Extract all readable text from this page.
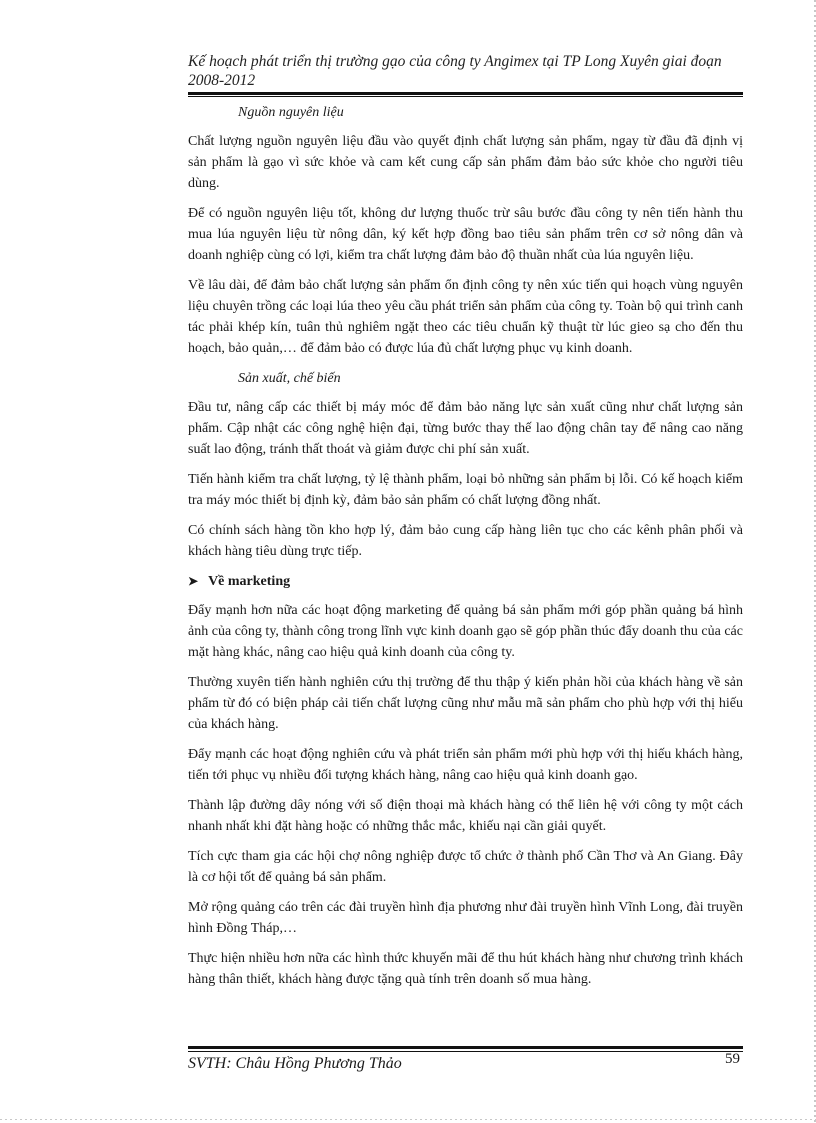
Kế hoạch phát triển thị trường gạo của công ty Angimex tại TP Long Xuyên giai đoạn 2008-2012
Nguồn nguyên liệu
Chất lượng nguồn nguyên liệu đầu vào quyết định chất lượng sản phẩm, ngay từ đầu đã định vị sản phẩm là gạo vì sức khỏe và cam kết cung cấp sản phẩm đảm bảo sức khỏe cho người tiêu dùng.
Để có nguồn nguyên liệu tốt, không dư lượng thuốc trừ sâu bước đầu công ty nên tiến hành thu mua lúa nguyên liệu từ nông dân, ký kết hợp đồng bao tiêu sản phẩm trên cơ sở nông dân và doanh nghiệp cùng có lợi, kiểm tra chất lượng đảm bảo độ thuần nhất của lúa nguyên liệu.
Về lâu dài, để đảm bảo chất lượng sản phẩm ổn định công ty nên xúc tiến qui hoạch vùng nguyên liệu chuyên trồng các loại lúa theo yêu cầu phát triển sản phẩm của công ty. Toàn bộ qui trình canh tác phải khép kín, tuân thủ nghiêm ngặt theo các tiêu chuẩn kỹ thuật từ lúc gieo sạ cho đến thu hoạch, bảo quản,… để đảm bảo có được lúa đủ chất lượng phục vụ kinh doanh.
Sản xuất, chế biến
Đầu tư, nâng cấp các thiết bị máy móc để đảm bảo năng lực sản xuất cũng như chất lượng sản phẩm. Cập nhật các công nghệ hiện đại, từng bước thay thế lao động chân tay để nâng cao năng suất lao động, tránh thất thoát và giảm được chi phí sản xuất.
Tiến hành kiểm tra chất lượng, tỷ lệ thành phẩm, loại bỏ những sản phẩm bị lỗi. Có kế hoạch kiểm tra máy móc thiết bị định kỳ, đảm bảo sản phẩm có chất lượng đồng nhất.
Có chính sách hàng tồn kho hợp lý, đảm bảo cung cấp hàng liên tục cho các kênh phân phối và khách hàng tiêu dùng trực tiếp.
➤ Về marketing
Đẩy mạnh hơn nữa các hoạt động marketing để quảng bá sản phẩm mới góp phần quảng bá hình ảnh của công ty, thành công trong lĩnh vực kinh doanh gạo sẽ góp phần thúc đẩy doanh thu của các mặt hàng khác, nâng cao hiệu quả kinh doanh của công ty.
Thường xuyên tiến hành nghiên cứu thị trường để thu thập ý kiến phản hồi của khách hàng về sản phẩm từ đó có biện pháp cải tiến chất lượng cũng như mẫu mã sản phẩm cho phù hợp với thị hiếu của khách hàng.
Đẩy mạnh các hoạt động nghiên cứu và phát triển sản phẩm mới phù hợp với thị hiếu khách hàng, tiến tới phục vụ nhiều đối tượng khách hàng, nâng cao hiệu quả kinh doanh gạo.
Thành lập đường dây nóng với số điện thoại mà khách hàng có thể liên hệ với công ty một cách nhanh nhất khi đặt hàng hoặc có những thắc mắc, khiếu nại cần giải quyết.
Tích cực tham gia các hội chợ nông nghiệp được tổ chức ở thành phố Cần Thơ và An Giang. Đây là cơ hội tốt để quảng bá sản phẩm.
Mở rộng quảng cáo trên các đài truyền hình địa phương như đài truyền hình Vĩnh Long, đài truyền hình Đồng Tháp,…
Thực hiện nhiều hơn nữa các hình thức khuyến mãi để thu hút khách hàng như chương trình khách hàng thân thiết, khách hàng được tặng quà tính trên doanh số mua hàng.
SVTH: Châu Hồng Phương Thảo	59
